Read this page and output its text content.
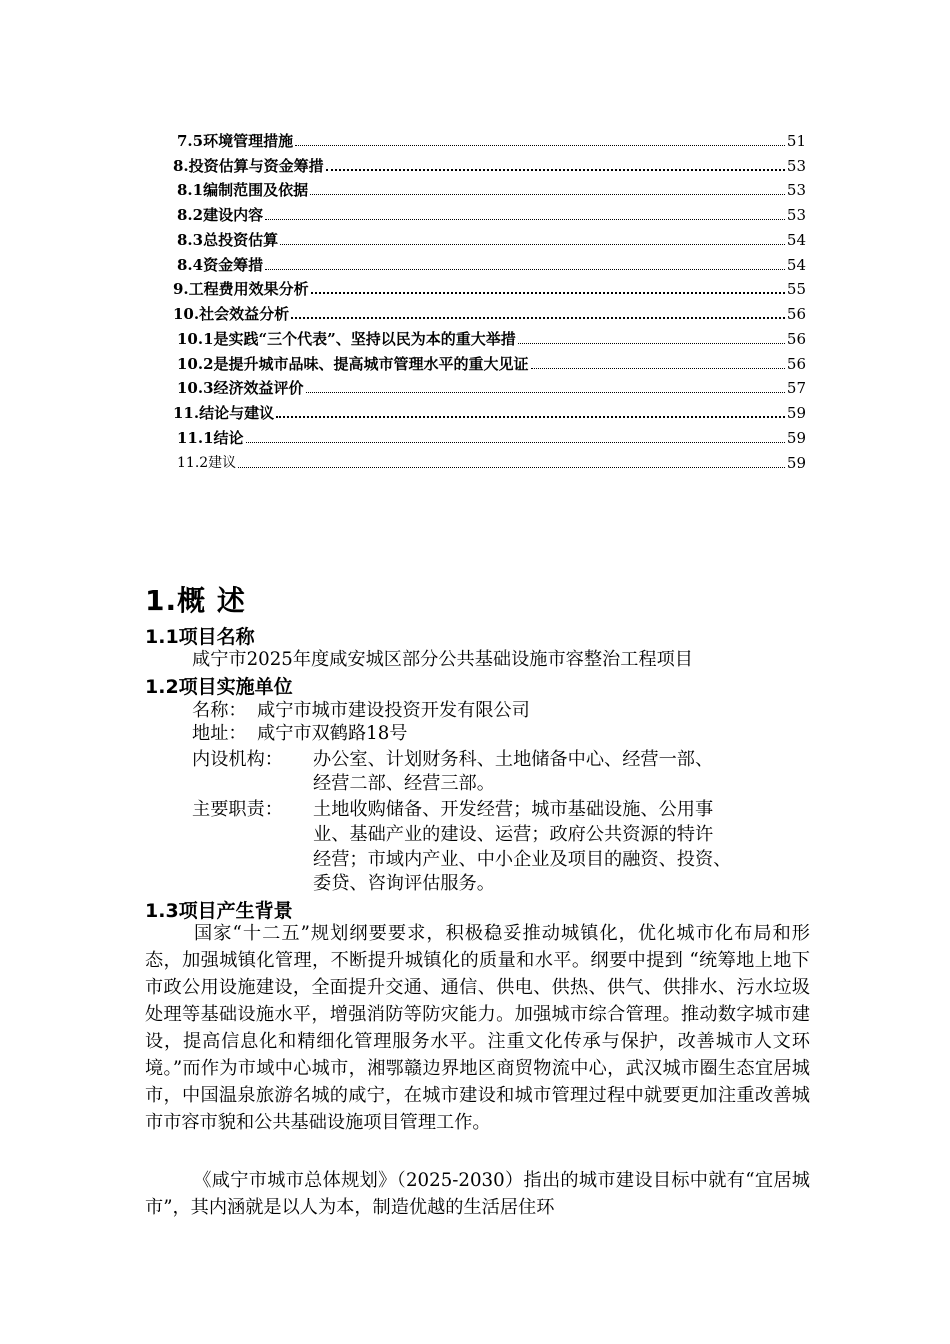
7.5环境管理措施	51
8.投资估算与资金筹措	53
8.1编制范围及依据	53
8.2建设内容	53
8.3总投资估算	54
8.4资金筹措	54
9.工程费用效果分析	55
10.社会效益分析	56
10.1是实践“三个代表”、坚持以民为本的重大举措	56
10.2是提升城市品味、提高城市管理水平的重大见证	56
10.3经济效益评价	57
11.结论与建议	59
11.1结论	59
11.2建议	59
1.概 述
1.1项目名称
咸宁市2025年度咸安城区部分公共基础设施市容整治工程项目
1.2项目实施单位
名称： 咸宁市城市建设投资开发有限公司
地址： 咸宁市双鹤路18号
内设机构： 办公室、计划财务科、土地储备中心、经营一部、
经营二部、经营三部。
主要职责： 土地收购储备、开发经营；城市基础设施、公用事
业、基础产业的建设、运营；政府公共资源的特许
经营；市域内产业、中小企业及项目的融资、投资、
委贷、咨询评估服务。
1.3项目产生背景
国家“十二五”规划纲要要求，积极稳妥推动城镇化，优化城市化布局和形态，加强城镇化管理，不断提升城镇化的质量和水平。纲要中提到 “统筹地上地下市政公用设施建设，全面提升交通、通信、供电、供热、供气、供排水、污水垃圾处理等基础设施水平，增强消防等防灾能力。加强城市综合管理。推动数字城市建设，提高信息化和精细化管理服务水平。注重文化传承与保护，改善城市人文环境。”而作为市域中心城市，湘鄂赣边界地区商贸物流中心，武汉城市圈生态宜居城市，中国温泉旅游名城的咸宁，在城市建设和城市管理过程中就要更加注重改善城市市容市貌和公共基础设施项目管理工作。
《咸宁市城市总体规划》（2025-2030）指出的城市建设目标中就有“宜居城市”，其内涵就是以人为本，制造优越的生活居住环
